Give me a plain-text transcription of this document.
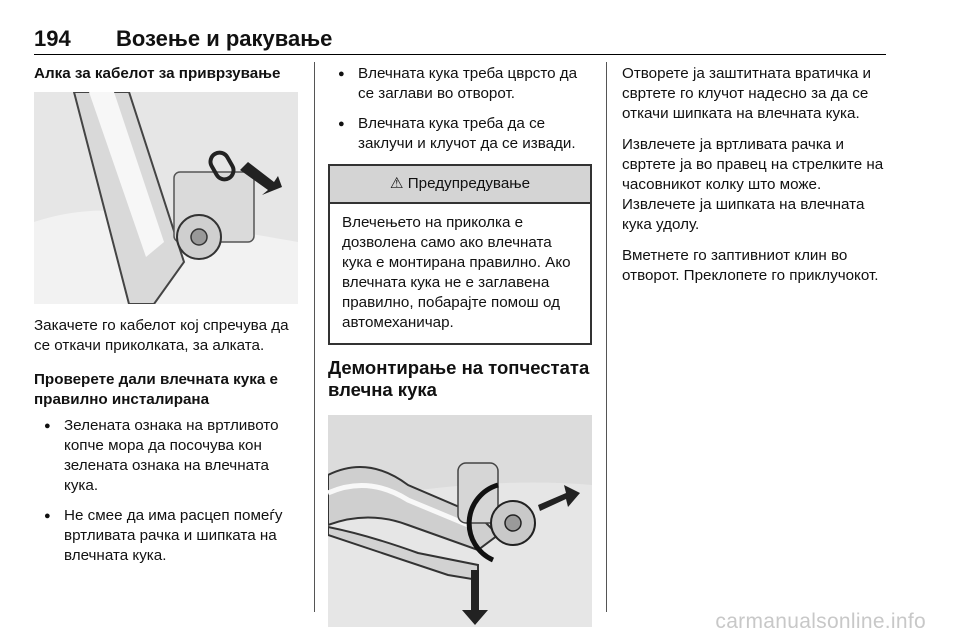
194 Возење и ракување
Алка за кабелот за приврзување

Закачете го кабелот кој спречува да се откачи приколката, за алката.

Проверете дали влечната кука е правилно инсталирана
● Зелената ознака на вртливото копче мора да посочува кон зелената ознака на влечната кука.
● Не смее да има расцеп помеѓу вртливата рачка и шипката на влечната кука.
● Влечната кука треба цврсто да се заглави во отворот.
● Влечната кука треба да се заклучи и клучот да се извади.
⚠ Предупредување
Влечењето на приколка е дозволена само ако влечната кука е монтирана правилно. Ако влечната кука не е заглавена правилно, побарајте помош од автомеханичар.
Демонтирање на топчестата влечна кука

Отворете ја заштитната вратичка и свртете го клучот надесно за да се откачи шипката на влечната кука.

Извлечете ја вртливата рачка и свртете ја во правец на стрелките на часовникот колку што може. Извлечете ја шипката на влечната кука удолу.

Вметнете го заптивниот клин во отворот. Преклопете го приклучокот.

carmanualsonline.info
